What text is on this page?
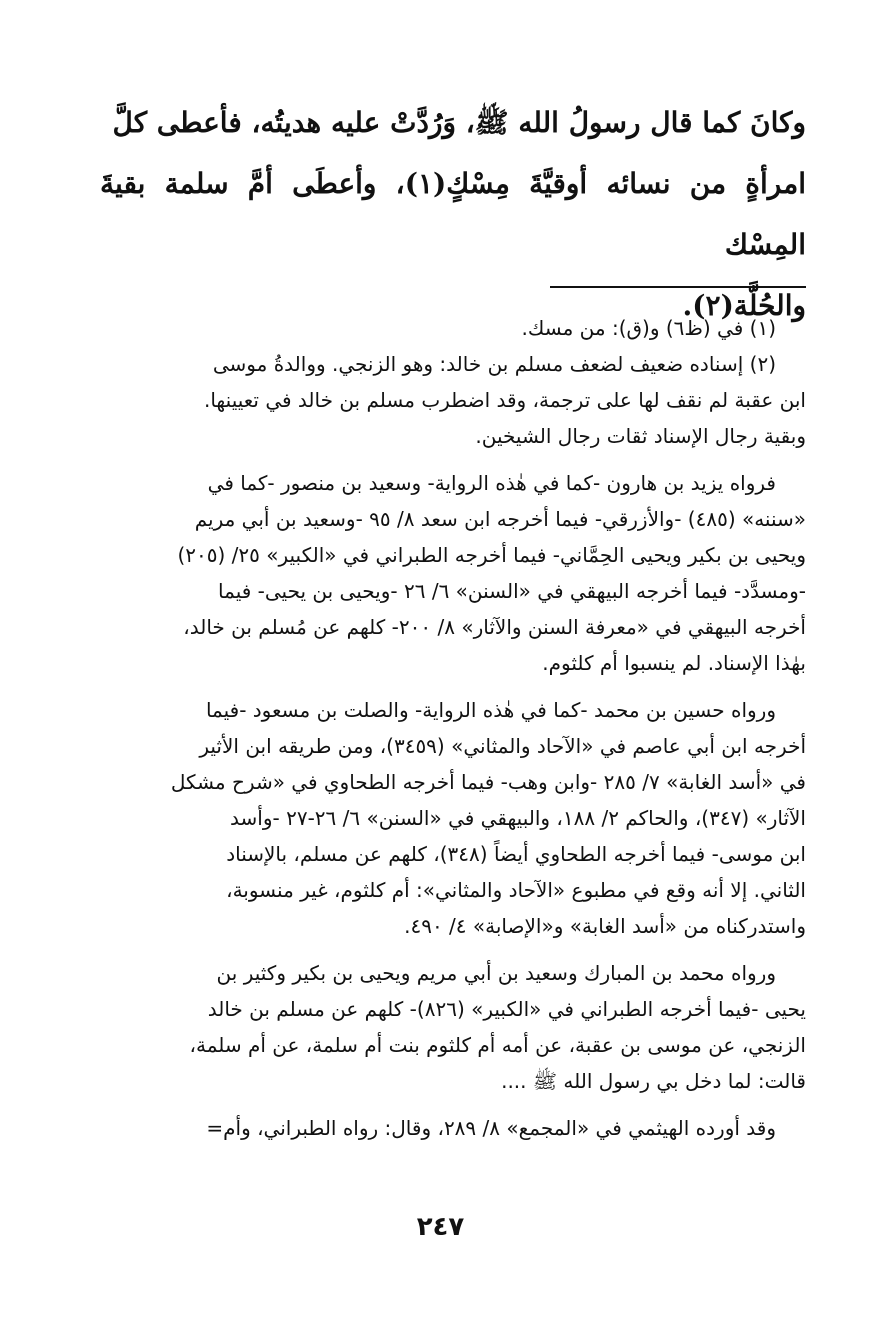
وكانَ كما قال رسولُ الله ﷺ، وَرُدَّتْ عليه هديتُه، فأعطى كلَّ
امرأةٍ من نسائه أوقيَّةَ مِسْكٍ(١)، وأعطَى أمَّ سلمة بقيةَ المِسْك
والحُلَّة(٢).
(١) في (ظ٦) و(ق): من مسك.
(٢) إسناده ضعيف لضعف مسلم بن خالد: وهو الزنجي. ووالدةُ موسى
ابن عقبة لم نقف لها على ترجمة، وقد اضطرب مسلم بن خالد في تعيينها.
وبقية رجال الإسناد ثقات رجال الشيخين.
فرواه يزيد بن هارون -كما في هٰذه الرواية- وسعيد بن منصور -كما في
«سننه» (٤٨٥) -والأزرقي- فيما أخرجه ابن سعد ٨/ ٩٥ -وسعيد بن أبي مريم
ويحيى بن بكير ويحيى الحِمَّاني- فيما أخرجه الطبراني في «الكبير» ٢٥/ (٢٠٥)
-ومسدَّد- فيما أخرجه البيهقي في «السنن» ٦/ ٢٦ -ويحيى بن يحيى- فيما
أخرجه البيهقي في «معرفة السنن والآثار» ٨/ ٢٠٠- كلهم عن مُسلم بن خالد،
بهٰذا الإسناد. لم ينسبوا أم كلثوم.
ورواه حسين بن محمد -كما في هٰذه الرواية- والصلت بن مسعود -فيما
أخرجه ابن أبي عاصم في «الآحاد والمثاني» (٣٤٥٩)، ومن طريقه ابن الأثير
في «أسد الغابة» ٧/ ٢٨٥ -وابن وهب- فيما أخرجه الطحاوي في «شرح مشكل
الآثار» (٣٤٧)، والحاكم ٢/ ١٨٨، والبيهقي في «السنن» ٦/ ٢٦-٢٧ -وأسد
ابن موسى- فيما أخرجه الطحاوي أيضاً (٣٤٨)، كلهم عن مسلم، بالإسناد
الثاني. إلا أنه وقع في مطبوع «الآحاد والمثاني»: أم كلثوم، غير منسوبة،
واستدركناه من «أسد الغابة» و«الإصابة» ٤/ ٤٩٠.
ورواه محمد بن المبارك وسعيد بن أبي مريم ويحيى بن بكير وكثير بن
يحيى -فيما أخرجه الطبراني في «الكبير» (٨٢٦)- كلهم عن مسلم بن خالد
الزنجي، عن موسى بن عقبة، عن أمه أم كلثوم بنت أم سلمة، عن أم سلمة،
قالت: لما دخل بي رسول الله ﷺ ....
وقد أورده الهيثمي في «المجمع» ٨/ ٢٨٩، وقال: رواه الطبراني، وأم=
٢٤٧
